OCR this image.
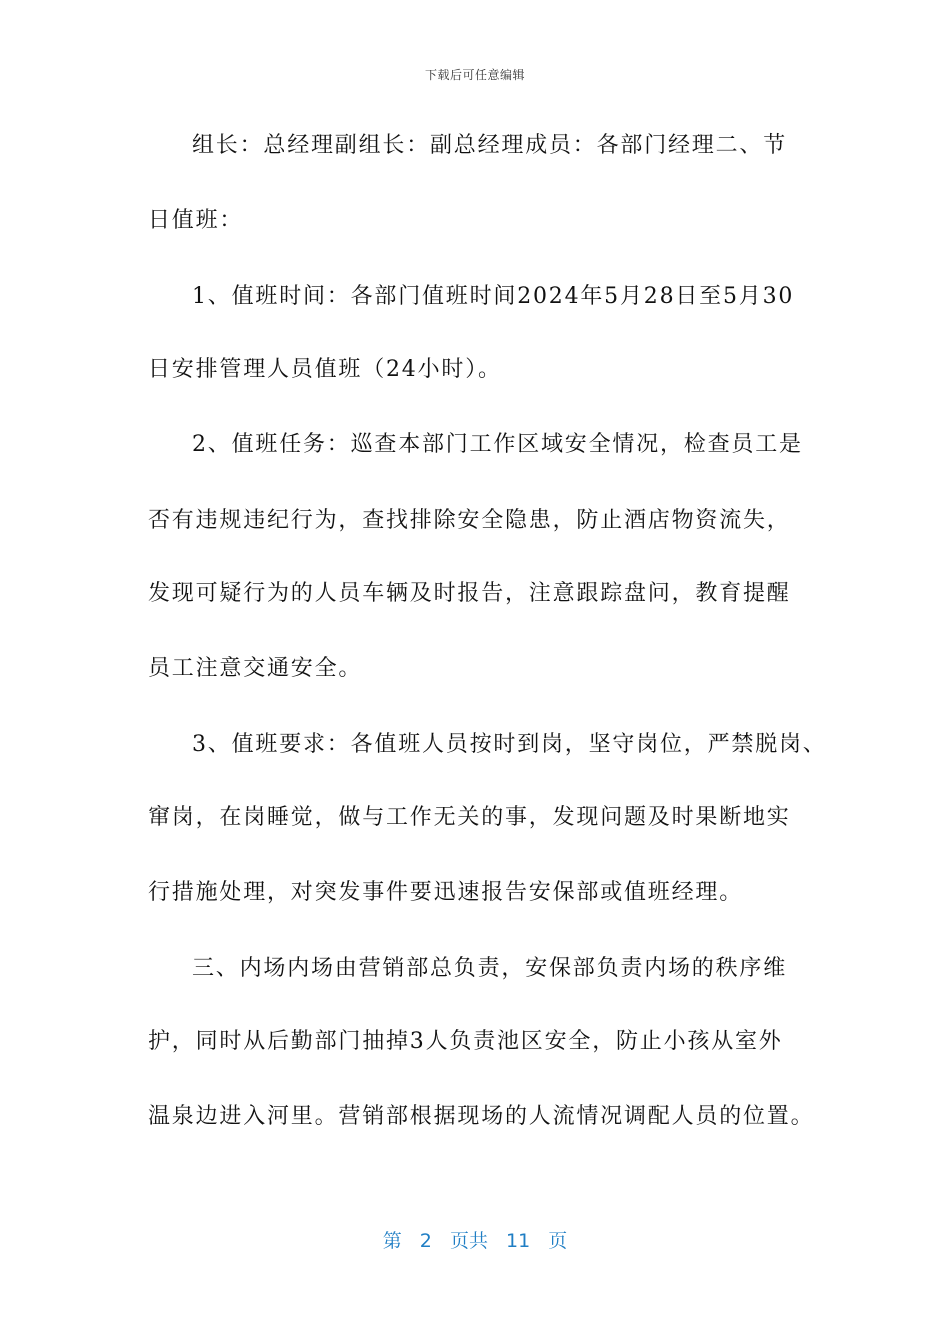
下载后可任意编辑
组长：总经理副组长：副总经理成员：各部门经理二、节
日值班：
1、值班时间：各部门值班时间2024年5月28日至5月30
日安排管理人员值班（24小时）。
2、值班任务：巡查本部门工作区域安全情况，检查员工是
否有违规违纪行为，查找排除安全隐患，防止酒店物资流失，
发现可疑行为的人员车辆及时报告，注意跟踪盘问，教育提醒
员工注意交通安全。
3、值班要求：各值班人员按时到岗，坚守岗位，严禁脱岗、
窜岗，在岗睡觉，做与工作无关的事，发现问题及时果断地实
行措施处理，对突发事件要迅速报告安保部或值班经理。
三、内场内场由营销部总负责，安保部负责内场的秩序维
护，同时从后勤部门抽掉3人负责池区安全，防止小孩从室外
温泉边进入河里。营销部根据现场的人流情况调配人员的位置。
第 2 页共 11 页
